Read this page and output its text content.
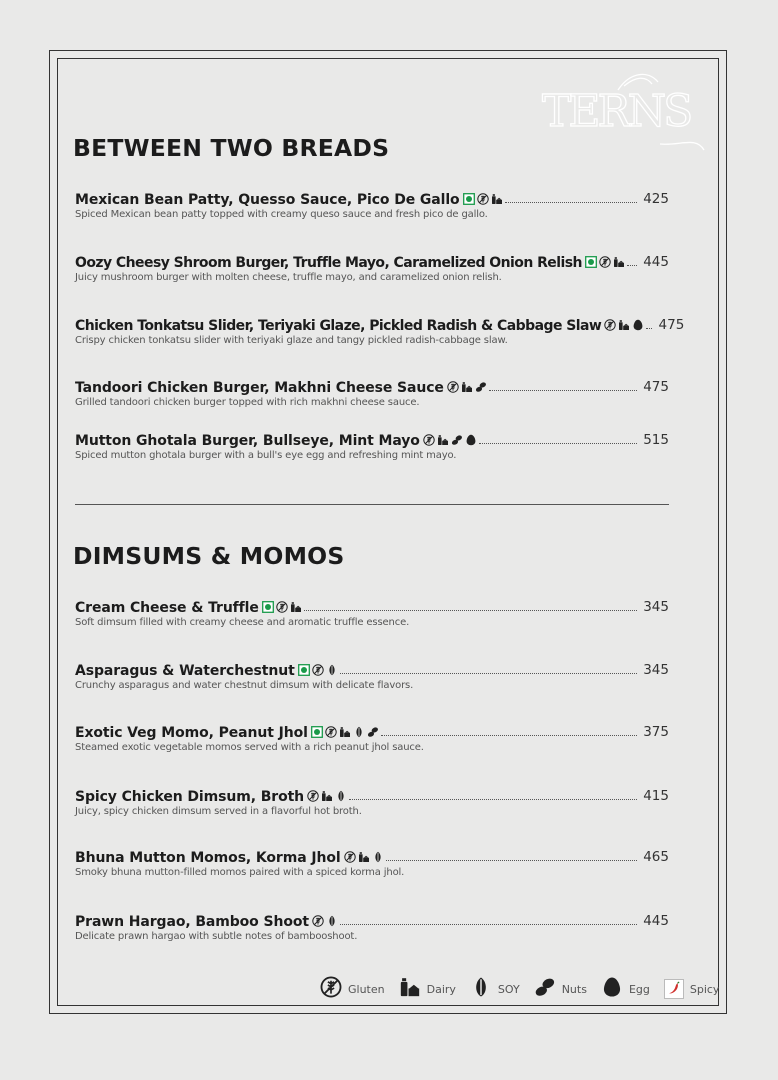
TERNS
BETWEEN TWO BREADS
Mexican Bean Patty, Quesso Sauce, Pico De Gallo	425
Spiced Mexican bean patty topped with creamy queso sauce and fresh pico de gallo.
Oozy Cheesy Shroom Burger, Truffle Mayo, Caramelized Onion Relish	445
Juicy mushroom burger with molten cheese, truffle mayo, and caramelized onion relish.
Chicken Tonkatsu Slider, Teriyaki Glaze, Pickled Radish & Cabbage Slaw	475
Crispy chicken tonkatsu slider with teriyaki glaze and tangy pickled radish-cabbage slaw.
Tandoori Chicken Burger, Makhni Cheese Sauce	475
Grilled tandoori chicken burger topped with rich makhni cheese sauce.
Mutton Ghotala Burger, Bullseye, Mint Mayo	515
Spiced mutton ghotala burger with a bull's eye egg and refreshing mint mayo.
DIMSUMS & MOMOS
Cream Cheese & Truffle	345
Soft dimsum filled with creamy cheese and aromatic truffle essence.
Asparagus & Waterchestnut	345
Crunchy asparagus and water chestnut dimsum with delicate flavors.
Exotic Veg Momo, Peanut Jhol	375
Steamed exotic vegetable momos served with a rich peanut jhol sauce.
Spicy Chicken Dimsum, Broth	415
Juicy, spicy chicken dimsum served in a flavorful hot broth.
Bhuna Mutton Momos, Korma Jhol	465
Smoky bhuna mutton-filled momos paired with a spiced korma jhol.
Prawn Hargao, Bamboo Shoot	445
Delicate prawn hargao with subtle notes of bambooshoot.
Gluten	Dairy	SOY	Nuts	Egg	Spicy
